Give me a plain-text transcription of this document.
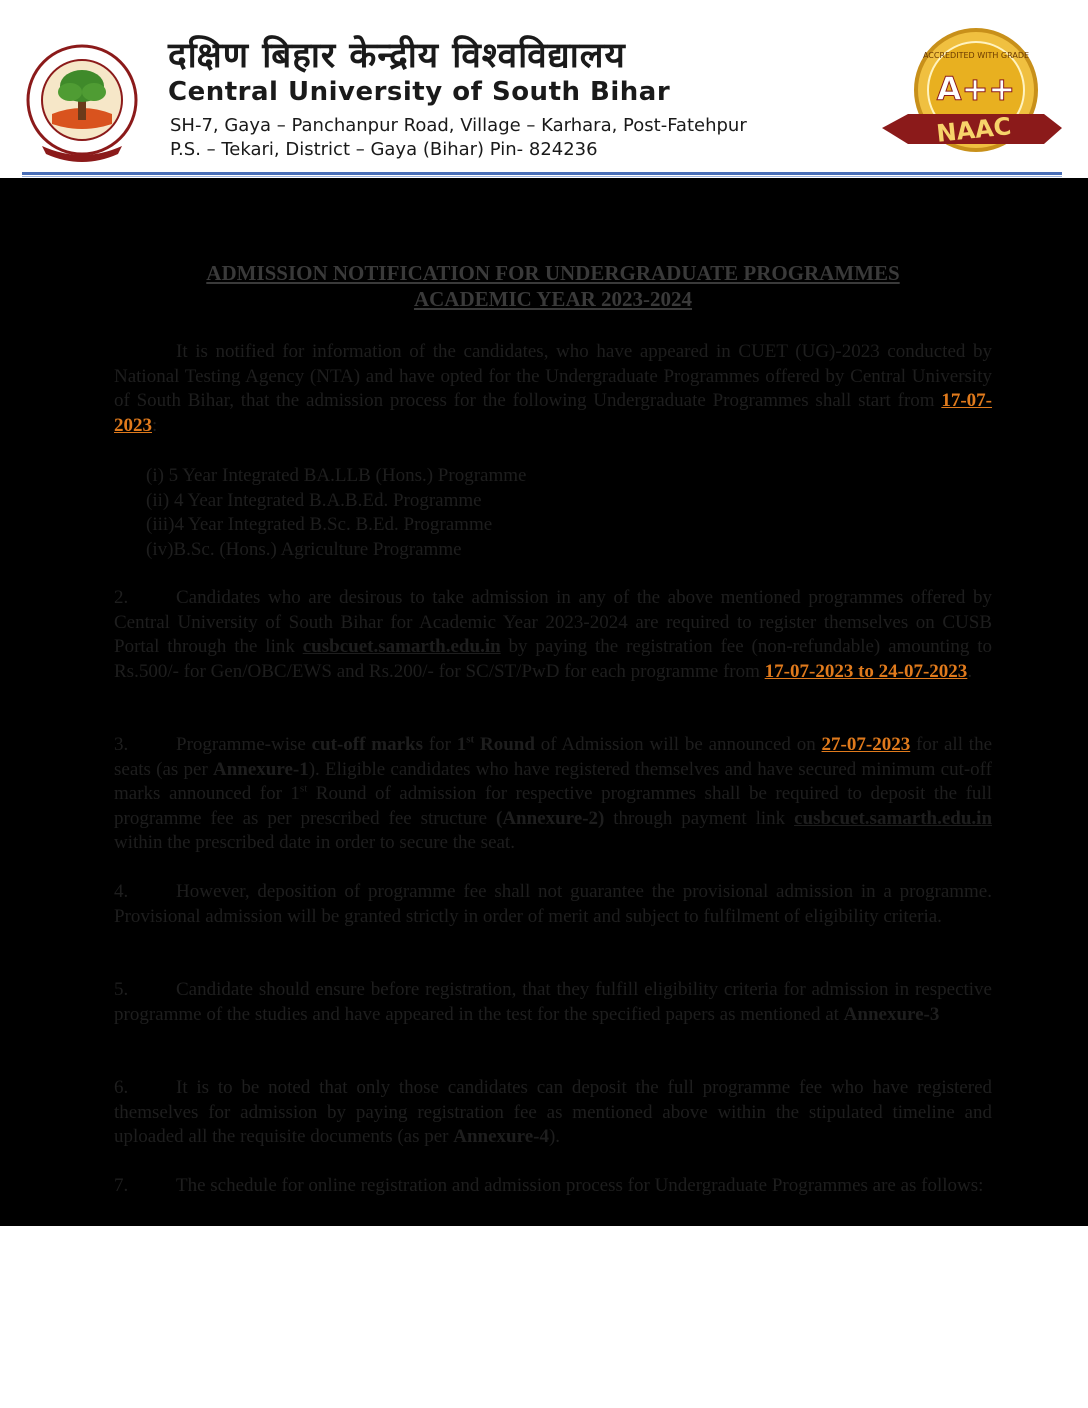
दक्षिण बिहार केन्द्रीय विश्वविद्यालय
Central University of South Bihar
SH-7, Gaya – Panchanpur Road, Village – Karhara, Post-Fatehpur
P.S. – Tekari, District – Gaya (Bihar) Pin- 824236
ACCREDITED WITH GRADE
A++
NAAC
ADMISSION NOTIFICATION FOR UNDERGRADUATE PROGRAMMES
ACADEMIC YEAR 2023-2024
It is notified for information of the candidates, who have appeared in CUET (UG)-2023 conducted by National Testing Agency (NTA) and have opted for the Undergraduate Programmes offered by Central University of South Bihar, that the admission process for the following Undergraduate Programmes shall start from 17-07-2023:
(i) 5 Year Integrated BA.LLB (Hons.) Programme
(ii) 4 Year Integrated B.A.B.Ed. Programme
(iii)4 Year Integrated B.Sc. B.Ed. Programme
(iv)B.Sc. (Hons.) Agriculture Programme
2.	Candidates who are desirous to take admission in any of the above mentioned programmes offered by Central University of South Bihar for Academic Year 2023-2024 are required to register themselves on CUSB Portal through the link cusbcuet.samarth.edu.in by paying the registration fee (non-refundable) amounting to Rs.500/- for Gen/OBC/EWS and Rs.200/- for SC/ST/PwD for each programme from 17-07-2023 to 24-07-2023.
3.	Programme-wise cut-off marks for 1st Round of Admission will be announced on 27-07-2023 for all the seats (as per Annexure-1). Eligible candidates who have registered themselves and have secured minimum cut-off marks announced for 1st Round of admission for respective programmes shall be required to deposit the full programme fee as per prescribed fee structure (Annexure-2) through payment link cusbcuet.samarth.edu.in within the prescribed date in order to secure the seat.
4.	However, deposition of programme fee shall not guarantee the provisional admission in a programme. Provisional admission will be granted strictly in order of merit and subject to fulfilment of eligibility criteria.
5.	Candidate should ensure before registration, that they fulfill eligibility criteria for admission in respective programme of the studies and have appeared in the test for the specified papers as mentioned at Annexure-3
6.	It is to be noted that only those candidates can deposit the full programme fee who have registered themselves for admission by paying registration fee as mentioned above within the stipulated timeline and uploaded all the requisite documents (as per Annexure-4).
7.	The schedule for online registration and admission process for Undergraduate Programmes are as follows:
